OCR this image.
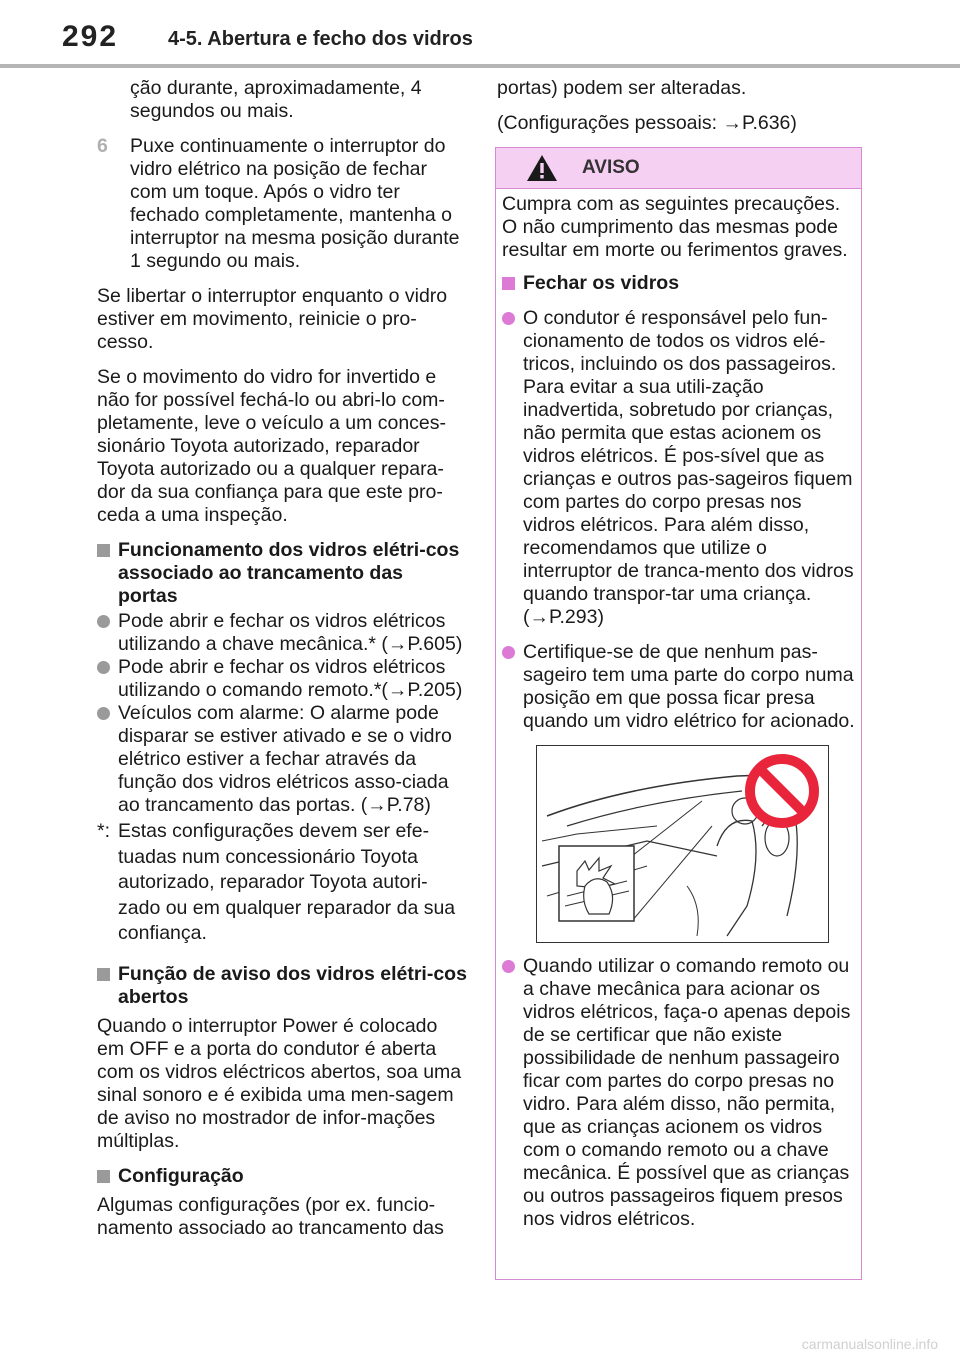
292 4-5. Abertura e fecho dos vidros

ção durante, aproximadamente, 4 segundos ou mais.

6 Puxe continuamente o interruptor do vidro elétrico na posição de fechar com um toque. Após o vidro ter fechado completamente, mantenha o interruptor na mesma posição durante 1 segundo ou mais.

Se libertar o interruptor enquanto o vidro estiver em movimento, reinicie o pro-cesso.

Se o movimento do vidro for invertido e não for possível fechá-lo ou abri-lo com-pletamente, leve o veículo a um conces-sionário Toyota autorizado, reparador Toyota autorizado ou a qualquer repara-dor da sua confiança para que este pro-ceda a uma inspeção.

Funcionamento dos vidros elétri-cos associado ao trancamento das portas
Pode abrir e fechar os vidros elétricos utilizando a chave mecânica.* (→P.605)
Pode abrir e fechar os vidros elétricos utilizando o comando remoto.*(→P.205)
Veículos com alarme: O alarme pode disparar se estiver ativado e se o vidro elétrico estiver a fechar através da função dos vidros elétricos asso-ciada ao trancamento das portas. (→P.78)
*: Estas configurações devem ser efe-tuadas num concessionário Toyota autorizado, reparador Toyota autori-zado ou em qualquer reparador da sua confiança.
Função de aviso dos vidros elétri-cos abertos

Quando o interruptor Power é colocado em OFF e a porta do condutor é aberta com os vidros eléctricos abertos, soa uma sinal sonoro e é exibida uma men-sagem de aviso no mostrador de infor-mações múltiplas.

Configuração

Algumas configurações (por ex. funcio-namento associado ao trancamento das

portas) podem ser alteradas.

(Configurações pessoais: →P.636)

AVISO

Cumpra com as seguintes precauções. O não cumprimento das mesmas pode resultar em morte ou ferimentos graves.

Fechar os vidros
O condutor é responsável pelo fun-cionamento de todos os vidros elé-tricos, incluindo os dos passageiros. Para evitar a sua utili-zação inadvertida, sobretudo por crianças, não permita que estas acionem os vidros elétricos. É pos-sível que as crianças e outros pas-sageiros fiquem com partes do corpo presas nos vidros elétricos. Para além disso, recomendamos que utilize o interruptor de tranca-mento dos vidros quando transpor-tar uma criança. (→P.293)
Certifique-se de que nenhum pas-sageiro tem uma parte do corpo numa posição em que possa ficar presa quando um vidro elétrico for acionado.
Quando utilizar o comando remoto ou a chave mecânica para acionar os vidros elétricos, faça-o apenas depois de se certificar que não existe possibilidade de nenhum passageiro ficar com partes do corpo presas no vidro. Para além disso, não permita, que as crianças acionem os vidros com o comando remoto ou a chave mecânica. É possível que as crianças ou outros passageiros fiquem presos nos vidros elétricos.
carmanualsonline.info
